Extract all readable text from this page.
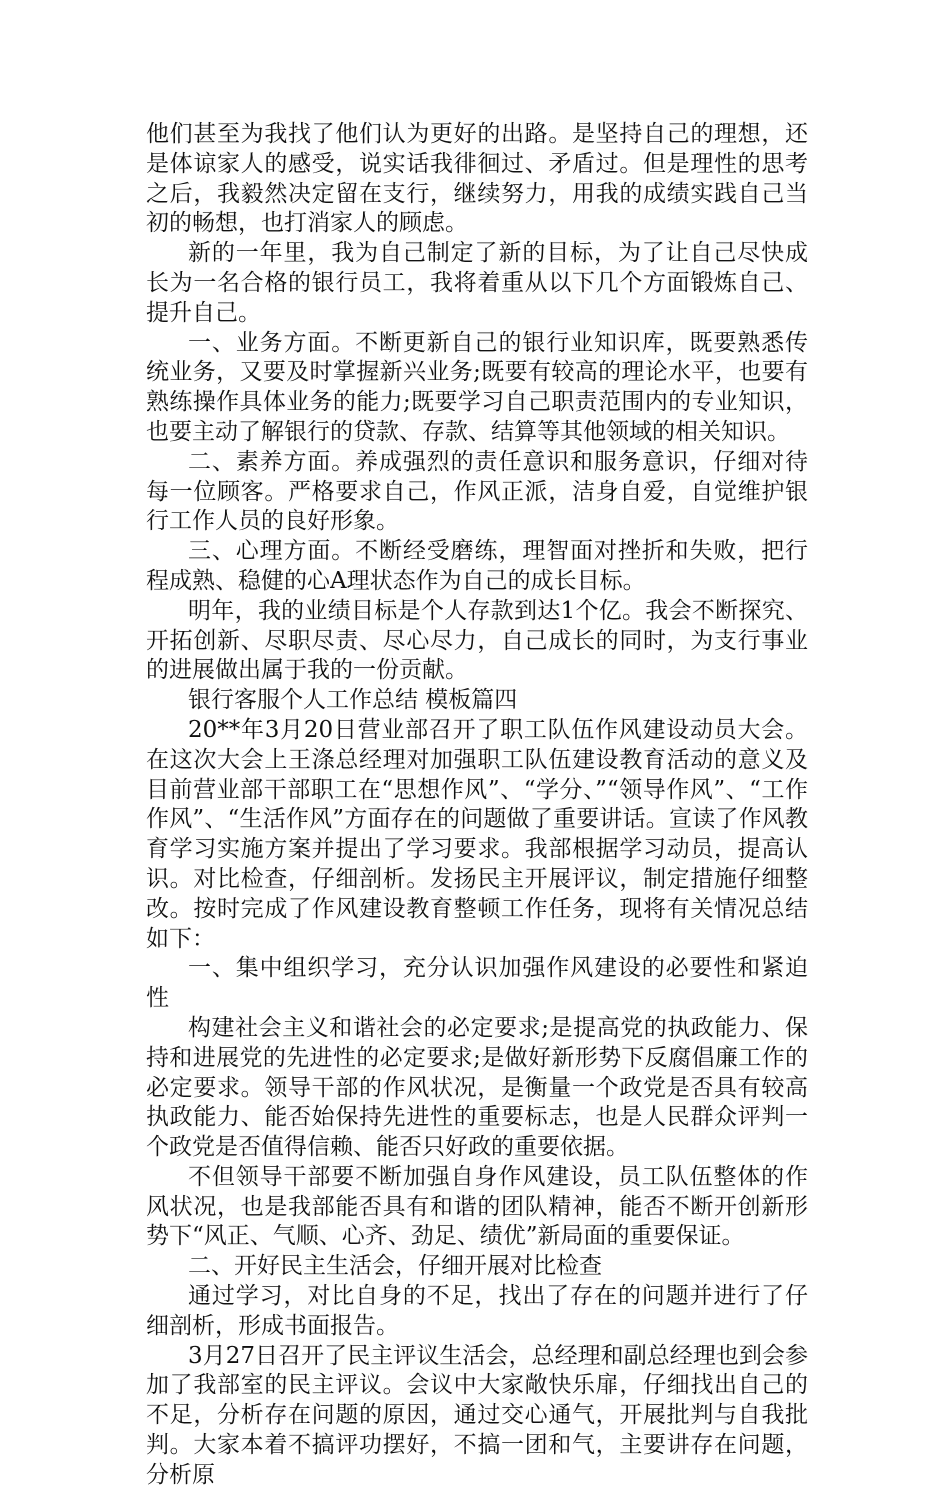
他们甚至为我找了他们认为更好的出路。是坚持自己的理想，还是体谅家人的感受，说实话我徘徊过、矛盾过。但是理性的思考之后，我毅然决定留在支行，继续努力，用我的成绩实践自己当初的畅想，也打消家人的顾虑。

新的一年里，我为自己制定了新的目标，为了让自己尽快成长为一名合格的银行员工，我将着重从以下几个方面锻炼自己、提升自己。

一、业务方面。不断更新自己的银行业知识库，既要熟悉传统业务，又要及时掌握新兴业务;既要有较高的理论水平，也要有熟练操作具体业务的能力;既要学习自己职责范围内的专业知识，也要主动了解银行的贷款、存款、结算等其他领域的相关知识。

二、素养方面。养成强烈的责任意识和服务意识，仔细对待每一位顾客。严格要求自己，作风正派，洁身自爱，自觉维护银行工作人员的良好形象。

三、心理方面。不断经受磨练，理智面对挫折和失败，把行程成熟、稳健的心A理状态作为自己的成长目标。

明年，我的业绩目标是个人存款到达1个亿。我会不断探究、开拓创新、尽职尽责、尽心尽力，自己成长的同时，为支行事业的进展做出属于我的一份贡献。

银行客服个人工作总结 模板篇四

20**年3月20日营业部召开了职工队伍作风建设动员大会。在这次大会上王涤总经理对加强职工队伍建设教育活动的意义及目前营业部干部职工在“思想作风”、“学分、”“领导作风”、“工作作风”、“生活作风”方面存在的问题做了重要讲话。宣读了作风教育学习实施方案并提出了学习要求。我部根据学习动员，提高认识。对比检查，仔细剖析。发扬民主开展评议，制定措施仔细整改。按时完成了作风建设教育整顿工作任务，现将有关情况总结如下：

一、集中组织学习，充分认识加强作风建设的必要性和紧迫性

构建社会主义和谐社会的必定要求;是提高党的执政能力、保持和进展党的先进性的必定要求;是做好新形势下反腐倡廉工作的必定要求。领导干部的作风状况，是衡量一个政党是否具有较高执政能力、能否始保持先进性的重要标志，也是人民群众评判一个政党是否值得信赖、能否只好政的重要依据。

不但领导干部要不断加强自身作风建设，员工队伍整体的作风状况，也是我部能否具有和谐的团队精神，能否不断开创新形势下“风正、气顺、心齐、劲足、绩优”新局面的重要保证。

二、开好民主生活会，仔细开展对比检查

通过学习，对比自身的不足，找出了存在的问题并进行了仔细剖析，形成书面报告。

3月27日召开了民主评议生活会，总经理和副总经理也到会参加了我部室的民主评议。会议中大家敞快乐扉，仔细找出自己的不足，分析存在问题的原因，通过交心通气，开展批判与自我批判。大家本着不搞评功摆好，不搞一团和气，主要讲存在问题，分析原
